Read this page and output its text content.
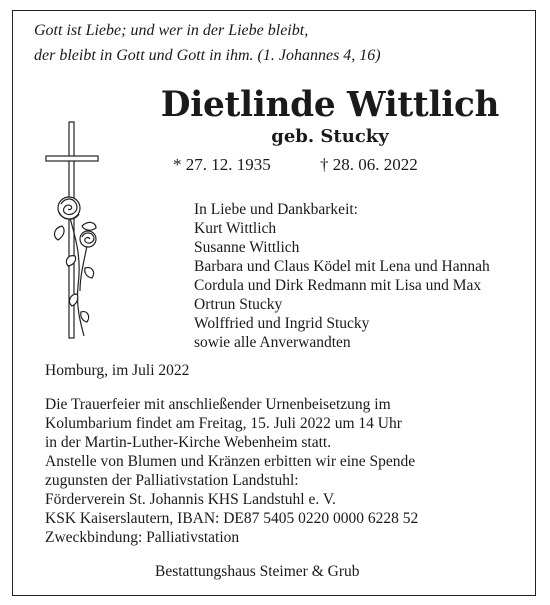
Gott ist Liebe; und wer in der Liebe bleibt,
der bleibt in Gott und Gott in ihm. (1. Johannes 4, 16)
Dietlinde Wittlich
geb. Stucky
* 27. 12. 1935	† 28. 06. 2022
In Liebe und Dankbarkeit:
Kurt Wittlich
Susanne Wittlich
Barbara und Claus Ködel mit Lena und Hannah
Cordula und Dirk Redmann mit Lisa und Max
Ortrun Stucky
Wolffried und Ingrid Stucky
sowie alle Anverwandten
Homburg, im Juli 2022
Die Trauerfeier mit anschließender Urnenbeisetzung im
Kolumbarium findet am Freitag, 15. Juli 2022 um 14 Uhr
in der Martin-Luther-Kirche Webenheim statt.
Anstelle von Blumen und Kränzen erbitten wir eine Spende
zugunsten der Palliativstation Landstuhl:
Förderverein St. Johannis KHS Landstuhl e. V.
KSK Kaiserslautern, IBAN: DE87 5405 0220 0000 6228 52
Zweckbindung: Palliativstation
Bestattungshaus Steimer & Grub
